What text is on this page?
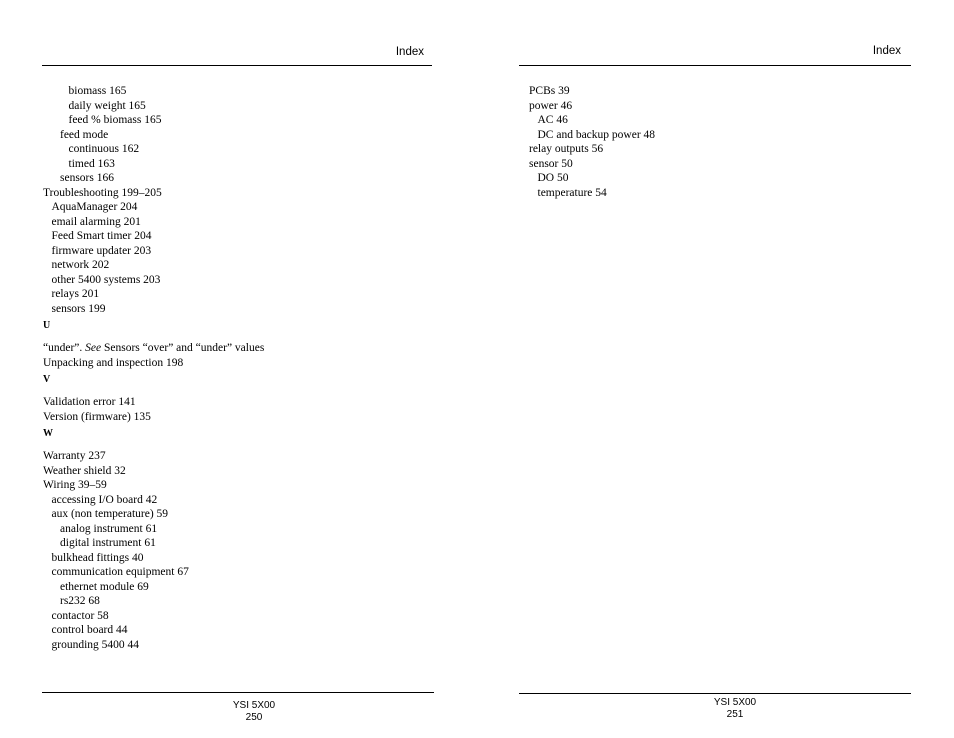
Index
biomass 165
daily weight 165
feed % biomass 165
feed mode
continuous 162
timed 163
sensors 166
Troubleshooting 199–205
AquaManager 204
email alarming 201
Feed Smart timer 204
firmware updater 203
network 202
other 5400 systems 203
relays 201
sensors 199
U
“under”. See Sensors “over” and “under” values
Unpacking and inspection 198
V
Validation error 141
Version (firmware) 135
W
Warranty 237
Weather shield 32
Wiring 39–59
accessing I/O board 42
aux (non temperature) 59
analog instrument 61
digital instrument 61
bulkhead fittings 40
communication equipment 67
ethernet module 69
rs232 68
contactor 58
control board 44
grounding 5400 44
YSI 5X00
250
Index
PCBs 39
power 46
AC 46
DC and backup power 48
relay outputs 56
sensor 50
DO 50
temperature 54
YSI 5X00
251
